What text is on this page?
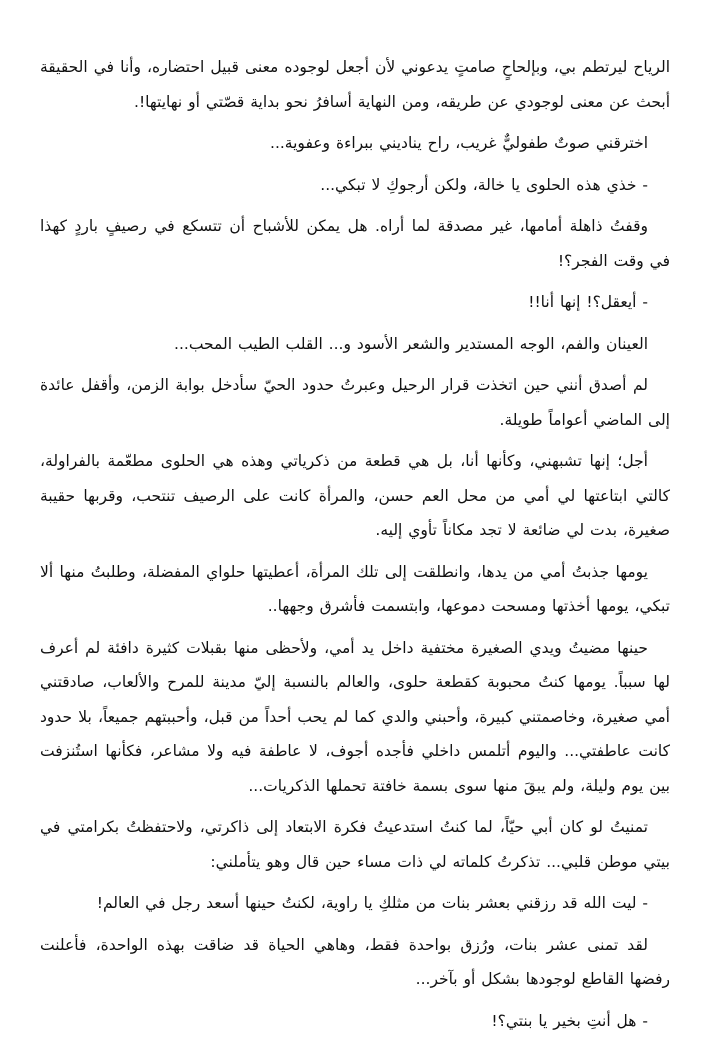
الرياح ليرتطم بي، وبإلحاحٍ صامتٍ يدعوني لأن أجعل لوجوده معنى قبيل احتضاره، وأنا في الحقيقة أبحث عن معنى لوجودي عن طريقه، ومن النهاية أسافرُ نحو بداية قصّتي أو نهايتها!.

اخترقني صوتٌ طفوليٌّ غريب، راح يناديني ببراءة وعفوية...

- خذي هذه الحلوى يا خالة، ولكن أرجوكِ لا تبكي...

وقفتُ ذاهلة أمامها، غير مصدقة لما أراه. هل يمكن للأشباح أن تتسكع في رصيفٍ باردٍ كهذا في وقت الفجر؟!

- أيعقل؟! إنها أنا!!

العينان والفم، الوجه المستدير والشعر الأسود و... القلب الطيب المحب...

لم أصدق أنني حين اتخذت قرار الرحيل وعبرتُ حدود الحيّ سأدخل بوابة الزمن، وأقفل عائدة إلى الماضي أعواماً طويلة.

أجل؛ إنها تشبهني، وكأنها أنا، بل هي قطعة من ذكرياتي وهذه هي الحلوى مطعّمة بالفراولة، كالتي ابتاعتها لي أمي من محل العم حسن، والمرأة كانت على الرصيف تنتحب، وقربها حقيبة صغيرة، بدت لي ضائعة لا تجد مكاناً تأوي إليه.

يومها جذبتُ أمي من يدها، وانطلقت إلى تلك المرأة، أعطيتها حلواي المفضلة، وطلبتُ منها ألا تبكي، يومها أخذتها ومسحت دموعها، وابتسمت فأشرق وجهها..

حينها مضيتُ ويدي الصغيرة مختفية داخل يد أمي، ولأحظى منها بقبلات كثيرة دافئة لم أعرف لها سبباً. يومها كنتُ محبوبة كقطعة حلوى، والعالم بالنسبة إليّ مدينة للمرح والألعاب، صادقتني أمي صغيرة، وخاصمتني كبيرة، وأحبني والدي كما لم يحب أحداً من قبل، وأحببتهم جميعاً، بلا حدود كانت عاطفتي... واليوم أتلمس داخلي فأجده أجوف، لا عاطفة فيه ولا مشاعر، فكأنها استُنزفت بين يوم وليلة، ولم يبقَ منها سوى بسمة خافتة تحملها الذكريات...

تمنيتُ لو كان أبي حيّاً، لما كنتُ استدعيتُ فكرة الابتعاد إلى ذاكرتي، ولاحتفظتُ بكرامتي في بيتي موطن قلبي... تذكرتُ كلماته لي ذات مساء حين قال وهو يتأملني:

- ليت الله قد رزقني بعشر بنات من مثلكِ يا راوية، لكنتُ حينها أسعد رجل في العالم!

لقد تمنى عشر بنات، ورُزق بواحدة فقط، وهاهي الحياة قد ضاقت بهذه الواحدة، فأعلنت رفضها القاطع لوجودها بشكل أو بآخر...

- هل أنتِ بخير يا بنتي؟!
